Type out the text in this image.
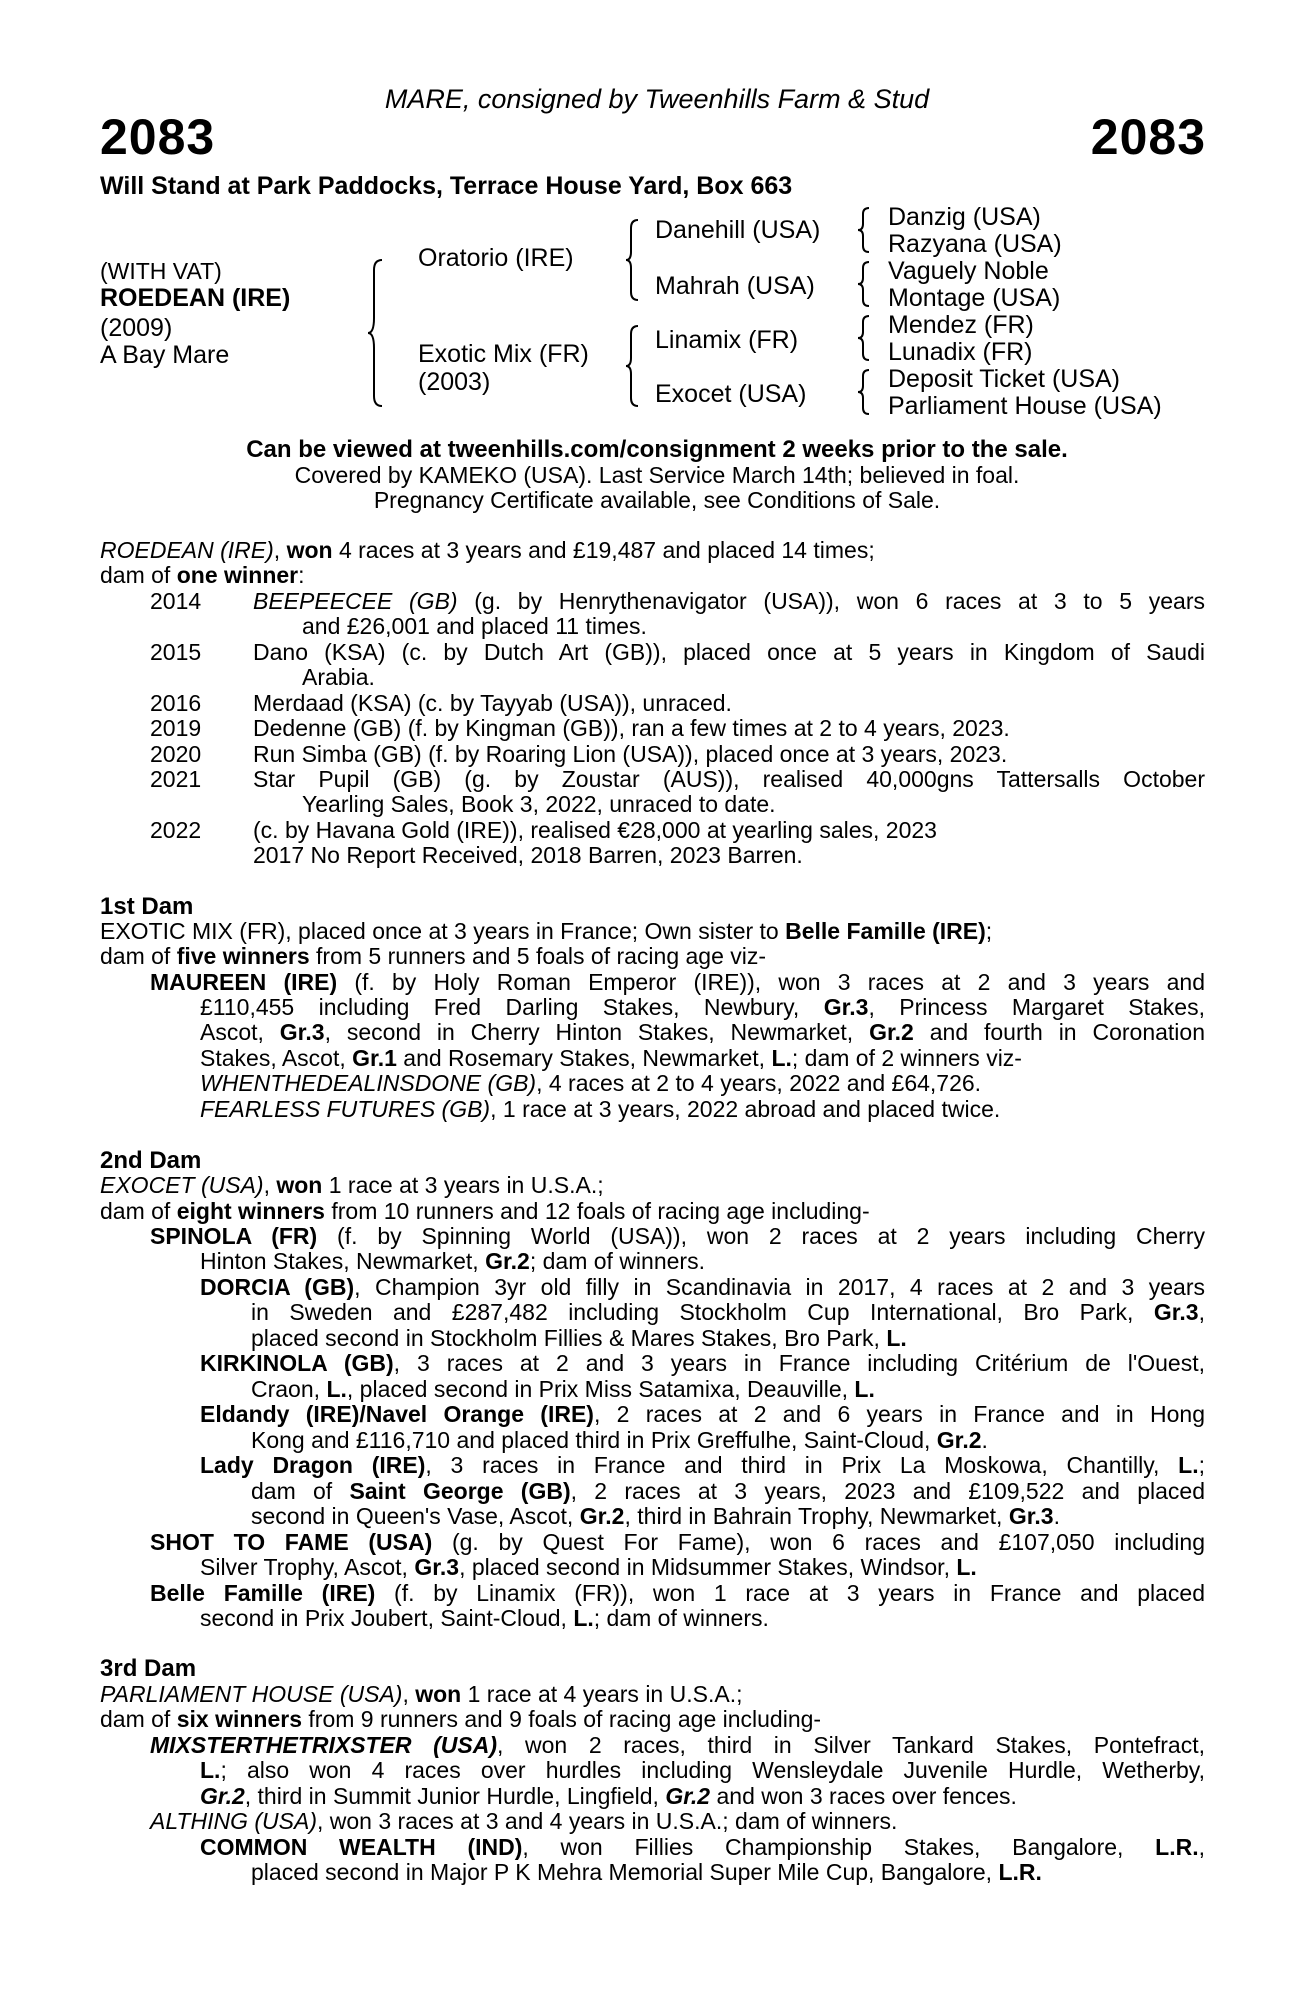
MARE, consigned by Tweenhills Farm & Stud
2083	2083
Will Stand at Park Paddocks, Terrace House Yard, Box 663
(WITH VAT)
ROEDEAN (IRE)
(2009)
A Bay Mare
Oratorio (IRE)
Exotic Mix (FR)
(2003)
Danehill (USA)
Mahrah (USA)
Linamix (FR)
Exocet (USA)
Danzig (USA)
Razyana (USA)
Vaguely Noble
Montage (USA)
Mendez (FR)
Lunadix (FR)
Deposit Ticket (USA)
Parliament House (USA)
Can be viewed at tweenhills.com/consignment 2 weeks prior to the sale.
Covered by KAMEKO (USA). Last Service March 14th; believed in foal.
Pregnancy Certificate available, see Conditions of Sale.
ROEDEAN (IRE), won 4 races at 3 years and £19,487 and placed 14 times;
dam of one winner:
2014 BEEPEECEE (GB) (g. by Henrythenavigator (USA)), won 6 races at 3 to 5 years
and £26,001 and placed 11 times.
2015 Dano (KSA) (c. by Dutch Art (GB)), placed once at 5 years in Kingdom of Saudi
Arabia.
2016 Merdaad (KSA) (c. by Tayyab (USA)), unraced.
2019 Dedenne (GB) (f. by Kingman (GB)), ran a few times at 2 to 4 years, 2023.
2020 Run Simba (GB) (f. by Roaring Lion (USA)), placed once at 3 years, 2023.
2021 Star Pupil (GB) (g. by Zoustar (AUS)), realised 40,000gns Tattersalls October
Yearling Sales, Book 3, 2022, unraced to date.
2022 (c. by Havana Gold (IRE)), realised €28,000 at yearling sales, 2023
2017 No Report Received, 2018 Barren, 2023 Barren.
1st Dam
EXOTIC MIX (FR), placed once at 3 years in France; Own sister to Belle Famille (IRE);
dam of five winners from 5 runners and 5 foals of racing age viz-
MAUREEN (IRE) (f. by Holy Roman Emperor (IRE)), won 3 races at 2 and 3 years and
£110,455 including Fred Darling Stakes, Newbury, Gr.3, Princess Margaret Stakes,
Ascot, Gr.3, second in Cherry Hinton Stakes, Newmarket, Gr.2 and fourth in Coronation
Stakes, Ascot, Gr.1 and Rosemary Stakes, Newmarket, L.; dam of 2 winners viz-
WHENTHEDEALINSDONE (GB), 4 races at 2 to 4 years, 2022 and £64,726.
FEARLESS FUTURES (GB), 1 race at 3 years, 2022 abroad and placed twice.
2nd Dam
EXOCET (USA), won 1 race at 3 years in U.S.A.;
dam of eight winners from 10 runners and 12 foals of racing age including-
SPINOLA (FR) (f. by Spinning World (USA)), won 2 races at 2 years including Cherry
Hinton Stakes, Newmarket, Gr.2; dam of winners.
DORCIA (GB), Champion 3yr old filly in Scandinavia in 2017, 4 races at 2 and 3 years
in Sweden and £287,482 including Stockholm Cup International, Bro Park, Gr.3,
placed second in Stockholm Fillies & Mares Stakes, Bro Park, L.
KIRKINOLA (GB), 3 races at 2 and 3 years in France including Critérium de l'Ouest,
Craon, L., placed second in Prix Miss Satamixa, Deauville, L.
Eldandy (IRE)/Navel Orange (IRE), 2 races at 2 and 6 years in France and in Hong
Kong and £116,710 and placed third in Prix Greffulhe, Saint-Cloud, Gr.2.
Lady Dragon (IRE), 3 races in France and third in Prix La Moskowa, Chantilly, L.;
dam of Saint George (GB), 2 races at 3 years, 2023 and £109,522 and placed
second in Queen's Vase, Ascot, Gr.2, third in Bahrain Trophy, Newmarket, Gr.3.
SHOT TO FAME (USA) (g. by Quest For Fame), won 6 races and £107,050 including
Silver Trophy, Ascot, Gr.3, placed second in Midsummer Stakes, Windsor, L.
Belle Famille (IRE) (f. by Linamix (FR)), won 1 race at 3 years in France and placed
second in Prix Joubert, Saint-Cloud, L.; dam of winners.
3rd Dam
PARLIAMENT HOUSE (USA), won 1 race at 4 years in U.S.A.;
dam of six winners from 9 runners and 9 foals of racing age including-
MIXSTERTHETRIXSTER (USA), won 2 races, third in Silver Tankard Stakes, Pontefract,
L.; also won 4 races over hurdles including Wensleydale Juvenile Hurdle, Wetherby,
Gr.2, third in Summit Junior Hurdle, Lingfield, Gr.2 and won 3 races over fences.
ALTHING (USA), won 3 races at 3 and 4 years in U.S.A.; dam of winners.
COMMON WEALTH (IND), won Fillies Championship Stakes, Bangalore, L.R.,
placed second in Major P K Mehra Memorial Super Mile Cup, Bangalore, L.R.
